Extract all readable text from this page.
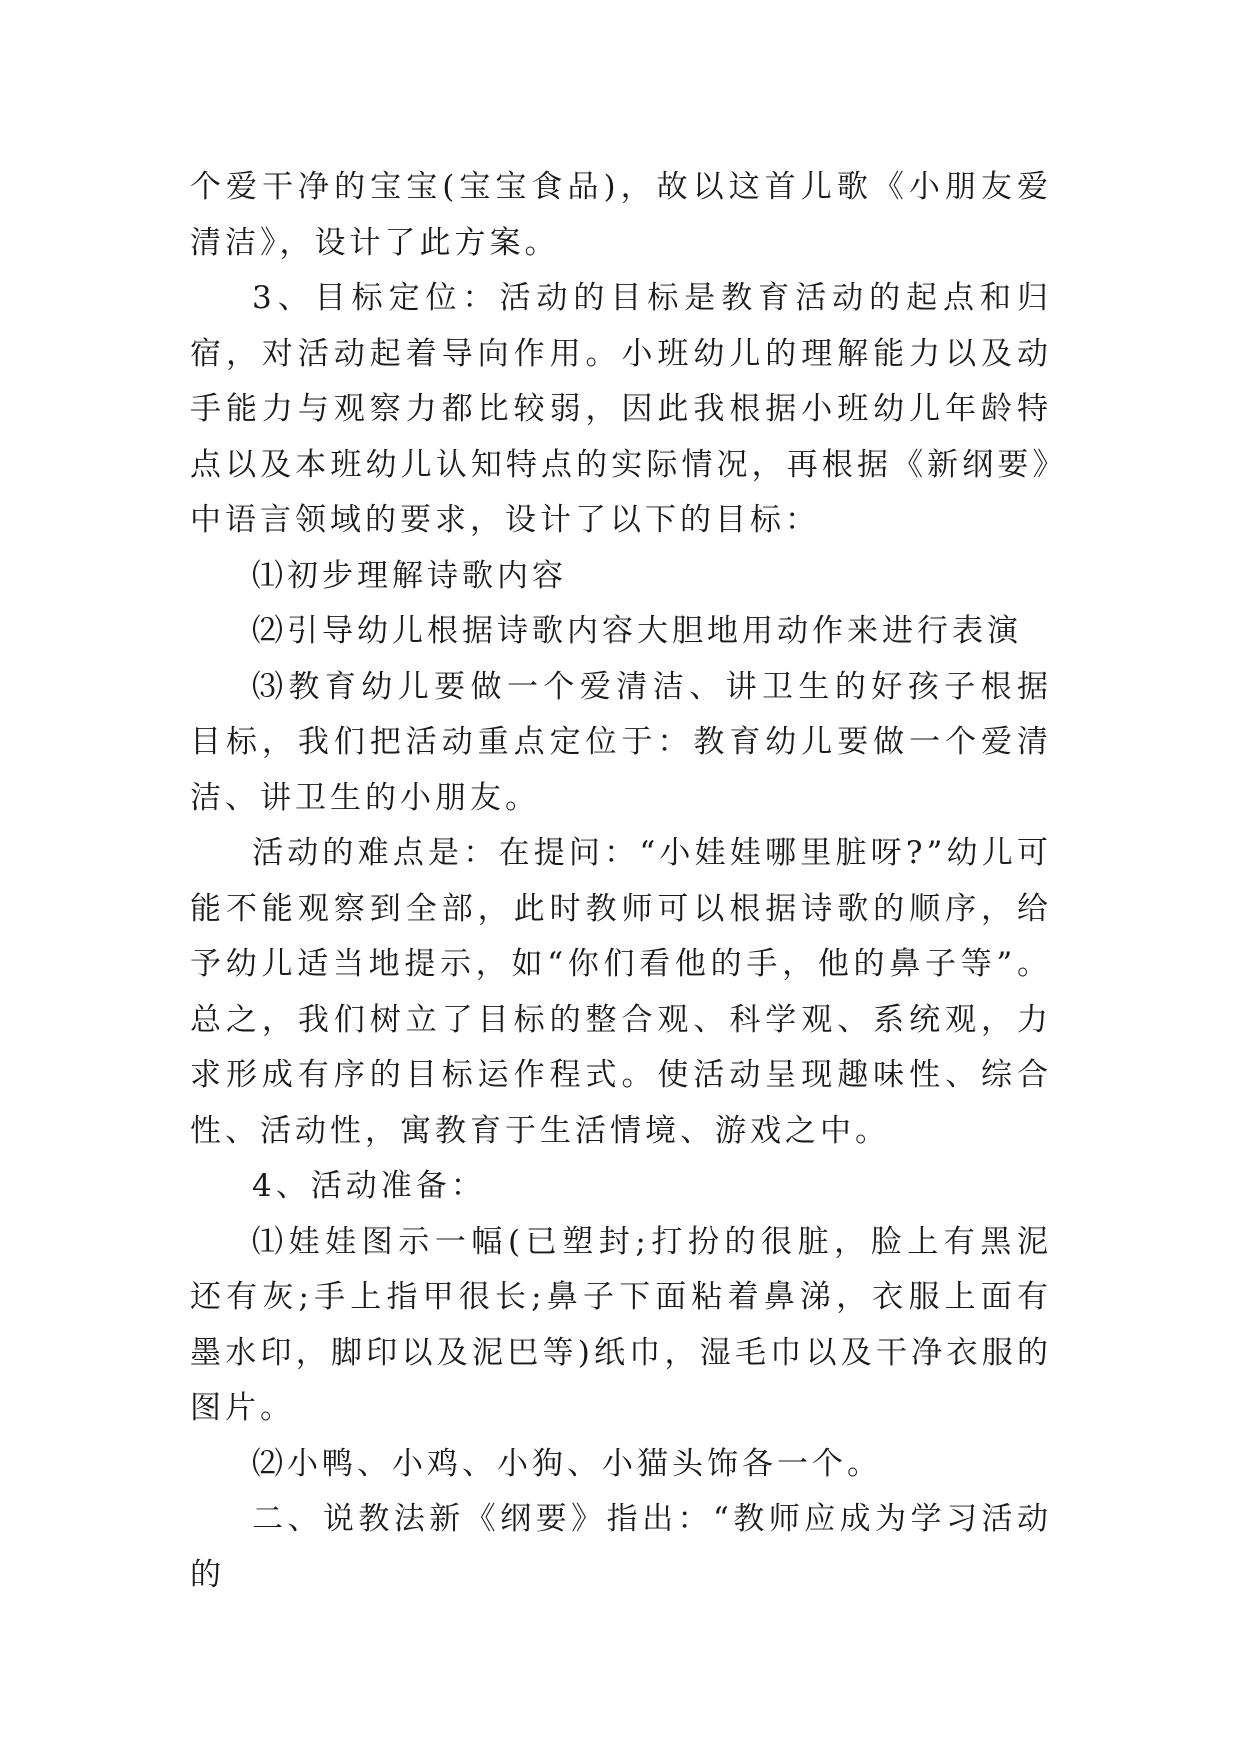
个爱干净的宝宝(宝宝食品)，故以这首儿歌《小朋友爱清洁》，设计了此方案。

3、目标定位：活动的目标是教育活动的起点和归宿，对活动起着导向作用。小班幼儿的理解能力以及动手能力与观察力都比较弱，因此我根据小班幼儿年龄特点以及本班幼儿认知特点的实际情况，再根据《新纲要》中语言领域的要求，设计了以下的目标：

⑴初步理解诗歌内容

⑵引导幼儿根据诗歌内容大胆地用动作来进行表演

⑶教育幼儿要做一个爱清洁、讲卫生的好孩子根据目标，我们把活动重点定位于：教育幼儿要做一个爱清洁、讲卫生的小朋友。

活动的难点是：在提问：“小娃娃哪里脏呀?”幼儿可能不能观察到全部，此时教师可以根据诗歌的顺序，给予幼儿适当地提示，如“你们看他的手，他的鼻子等”。总之，我们树立了目标的整合观、科学观、系统观，力求形成有序的目标运作程式。使活动呈现趣味性、综合性、活动性，寓教育于生活情境、游戏之中。

4、活动准备：

⑴娃娃图示一幅(已塑封;打扮的很脏，脸上有黑泥还有灰;手上指甲很长;鼻子下面粘着鼻涕，衣服上面有墨水印，脚印以及泥巴等)纸巾，湿毛巾以及干净衣服的图片。

⑵小鸭、小鸡、小狗、小猫头饰各一个。

二、说教法新《纲要》指出：“教师应成为学习活动的
